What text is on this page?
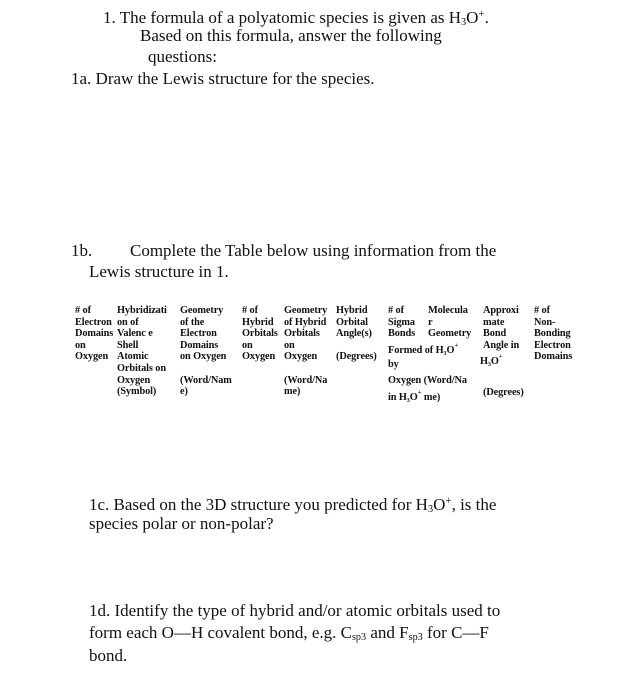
1. The formula of a polyatomic species is given as $H_3O^+$.
Based on this formula, answer the following
questions:
1a. Draw the Lewis structure for the species.
1b. Complete the Table below using information from the
Lewis structure in 1.
# of
Electron
Domains
on
Oxygen
Hybridizati
on of
Valenc e
Shell
Atomic
Orbitals on
Oxygen
(Symbol)
Geometry
of the
Electron
Domains
on Oxygen
(Word/Nam
e)
# of
Hybrid
Orbitals
on
Oxygen
Geometry
of Hybrid
Orbitals
on
Oxygen
(Word/Na
me)
Hybrid
Orbital
Angle(s)
(Degrees)
# of
Sigma
Bonds
Formed of $H_3O^+$
by
Molecula
r
Geometry
$H_3O^+$
Oxygen (Word/Na
in $H_3O^+$ me)
Approxi
mate
Bond
Angle in
(Degrees)
# of
Non-
Bonding
Electron
Domains
1c. Based on the 3D structure you predicted for $H_3O^+$, is the
species polar or non-polar?
1d. Identify the type of hybrid and/or atomic orbitals used to
form each O—H covalent bond, e.g. $C_{sp3}$ and $F_{sp3}$ for C—F
bond.
